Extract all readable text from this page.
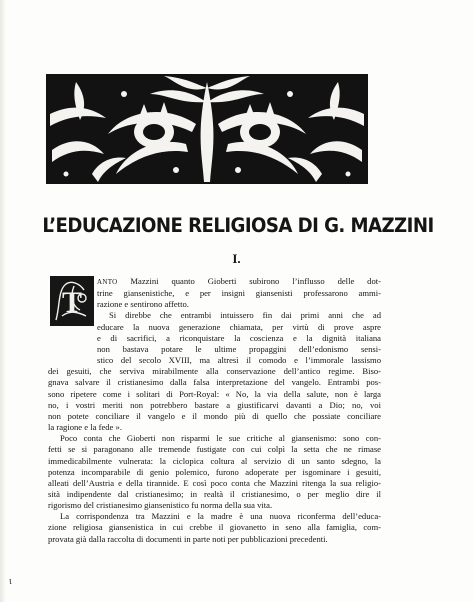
L’EDUCAZIONE RELIGIOSA DI G. MAZZINI
I.
T
ANTO Mazzini quanto Gioberti subirono l’influsso delle dot-
trine giansenistiche, e per insigni giansenisti professarono ammi-
razione e sentirono affetto.
Si direbbe che entrambi intuissero fin dai primi anni che ad
educare la nuova generazione chiamata, per virtù di prove aspre
e di sacrifici, a riconquistare la coscienza e la dignità italiana
non bastava potare le ultime propaggini dell’edonismo sensi-
stico del secolo XVIII, ma altresì il comodo e l’immorale lassismo
dei gesuiti, che serviva mirabilmente alla conservazione dell’antico regime. Biso-
gnava salvare il cristianesimo dalla falsa interpretazione del vangelo. Entrambi pos-
sono ripetere come i solitari di Port-Royal: « No, la via della salute, non è larga
no, i vostri meriti non potrebbero bastare a giustificarvi davanti a Dio; no, voi
non potete conciliare il vangelo e il mondo più di quello che possiate conciliare
la ragione e la fede ».
Poco conta che Gioberti non risparmi le sue critiche al giansenismo: sono con-
fetti se si paragonano alle tremende fustigate con cui colpì la setta che ne rimase
immedicabilmente vulnerata: la ciclopica coltura al servizio di un santo sdegno, la
potenza incomparabile di genio polemico, furono adoperate per isgominare i gesuiti,
alleati dell’Austria e della tirannide. E così poco conta che Mazzini ritenga la sua religio-
sità indipendente dal cristianesimo; in realtà il cristianesimo, o per meglio dire il
rigorismo del cristianesimo giansenistico fu norma della sua vita.
La corrispondenza tra Mazzini e la madre è una nuova riconferma dell’educa-
zione religiosa giansenistica in cui crebbe il giovanetto in seno alla famiglia, com-
provata già dalla raccolta di documenti in parte noti per pubblicazioni precedenti.
ι
